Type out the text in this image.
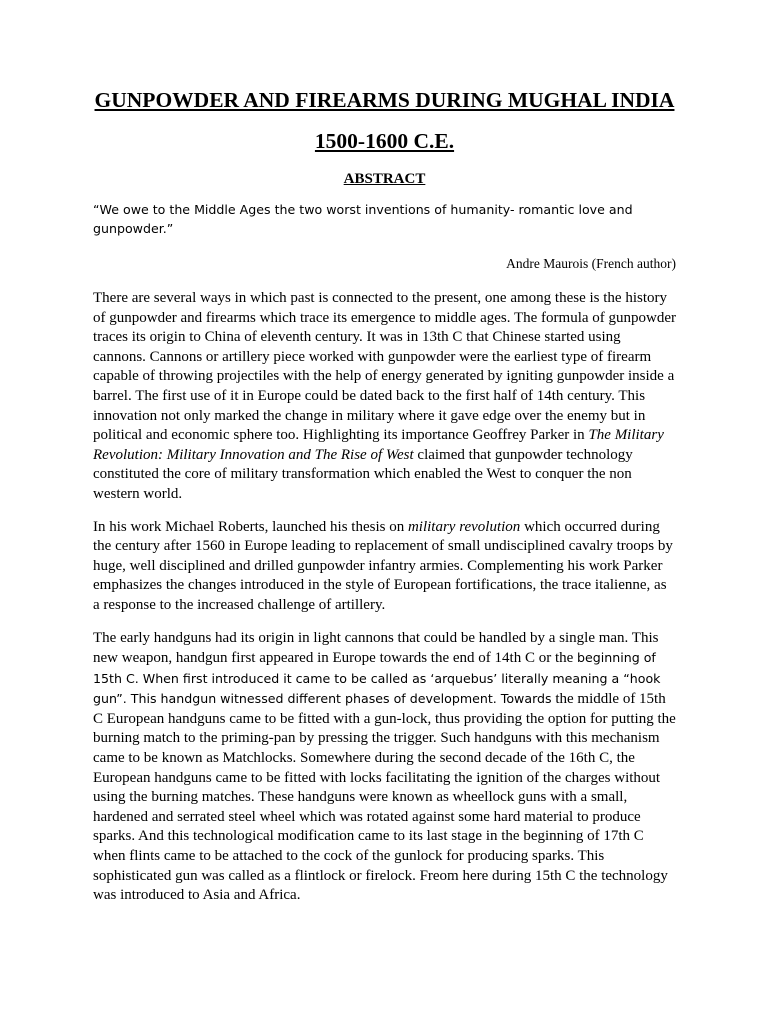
GUNPOWDER AND FIREARMS DURING MUGHAL INDIA
1500-1600 C.E.
ABSTRACT

“We owe to the Middle Ages the two worst inventions of humanity- romantic love and gunpowder.”

Andre Maurois (French author)

There are several ways in which past is connected to the present, one among these is the history of gunpowder and firearms which trace its emergence to middle ages. The formula of gunpowder traces its origin to China of eleventh century. It was in 13th C that Chinese started using cannons. Cannons or artillery piece worked with gunpowder were the earliest type of firearm capable of throwing projectiles with the help of energy generated by igniting gunpowder inside a barrel. The first use of it in Europe could be dated back to the first half of 14th century. This innovation not only marked the change in military where it gave edge over the enemy but in political and economic sphere too. Highlighting its importance Geoffrey Parker in The Military Revolution: Military Innovation and The Rise of West claimed that gunpowder technology constituted the core of military transformation which enabled the West to conquer the non western world.

In his work Michael Roberts, launched his thesis on military revolution which occurred during the century after 1560 in Europe leading to replacement of small undisciplined cavalry troops by huge, well disciplined and drilled gunpowder infantry armies. Complementing his work Parker emphasizes the changes introduced in the style of European fortifications, the trace italienne, as a response to the increased challenge of artillery.

The early handguns had its origin in light cannons that could be handled by a single man. This new weapon, handgun first appeared in Europe towards the end of 14th C or the beginning of 15th C. When first introduced it came to be called as ‘arquebus’ literally meaning a “hook gun”. This handgun witnessed different phases of development. Towards the middle of 15th C European handguns came to be fitted with a gun-lock, thus providing the option for putting the burning match to the priming-pan by pressing the trigger. Such handguns with this mechanism came to be known as Matchlocks. Somewhere during the second decade of the 16th C, the European handguns came to be fitted with locks facilitating the ignition of the charges without using the burning matches. These handguns were known as wheellock guns with a small, hardened and serrated steel wheel which was rotated against some hard material to produce sparks. And this technological modification came to its last stage in the beginning of 17th C when flints came to be attached to the cock of the gunlock for producing sparks. This sophisticated gun was called as a flintlock or firelock. Freom here during 15th C the technology was introduced to Asia and Africa.
